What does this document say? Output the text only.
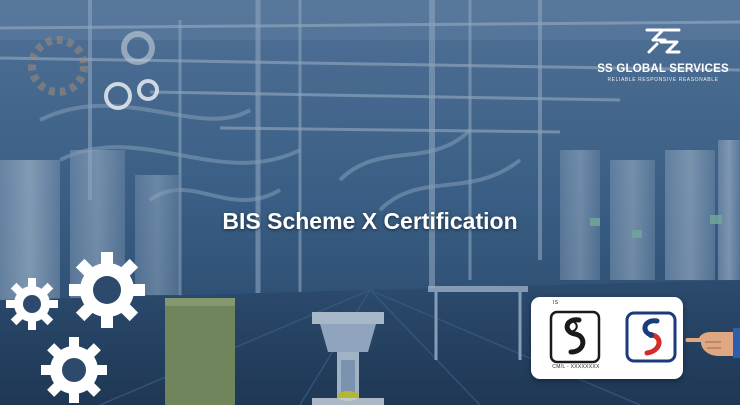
SS GLOBAL SERVICES
RELIABLE RESPONSIVE REASONABLE
BIS Scheme X Certification
IS
CM/L - XXXXXXXX
